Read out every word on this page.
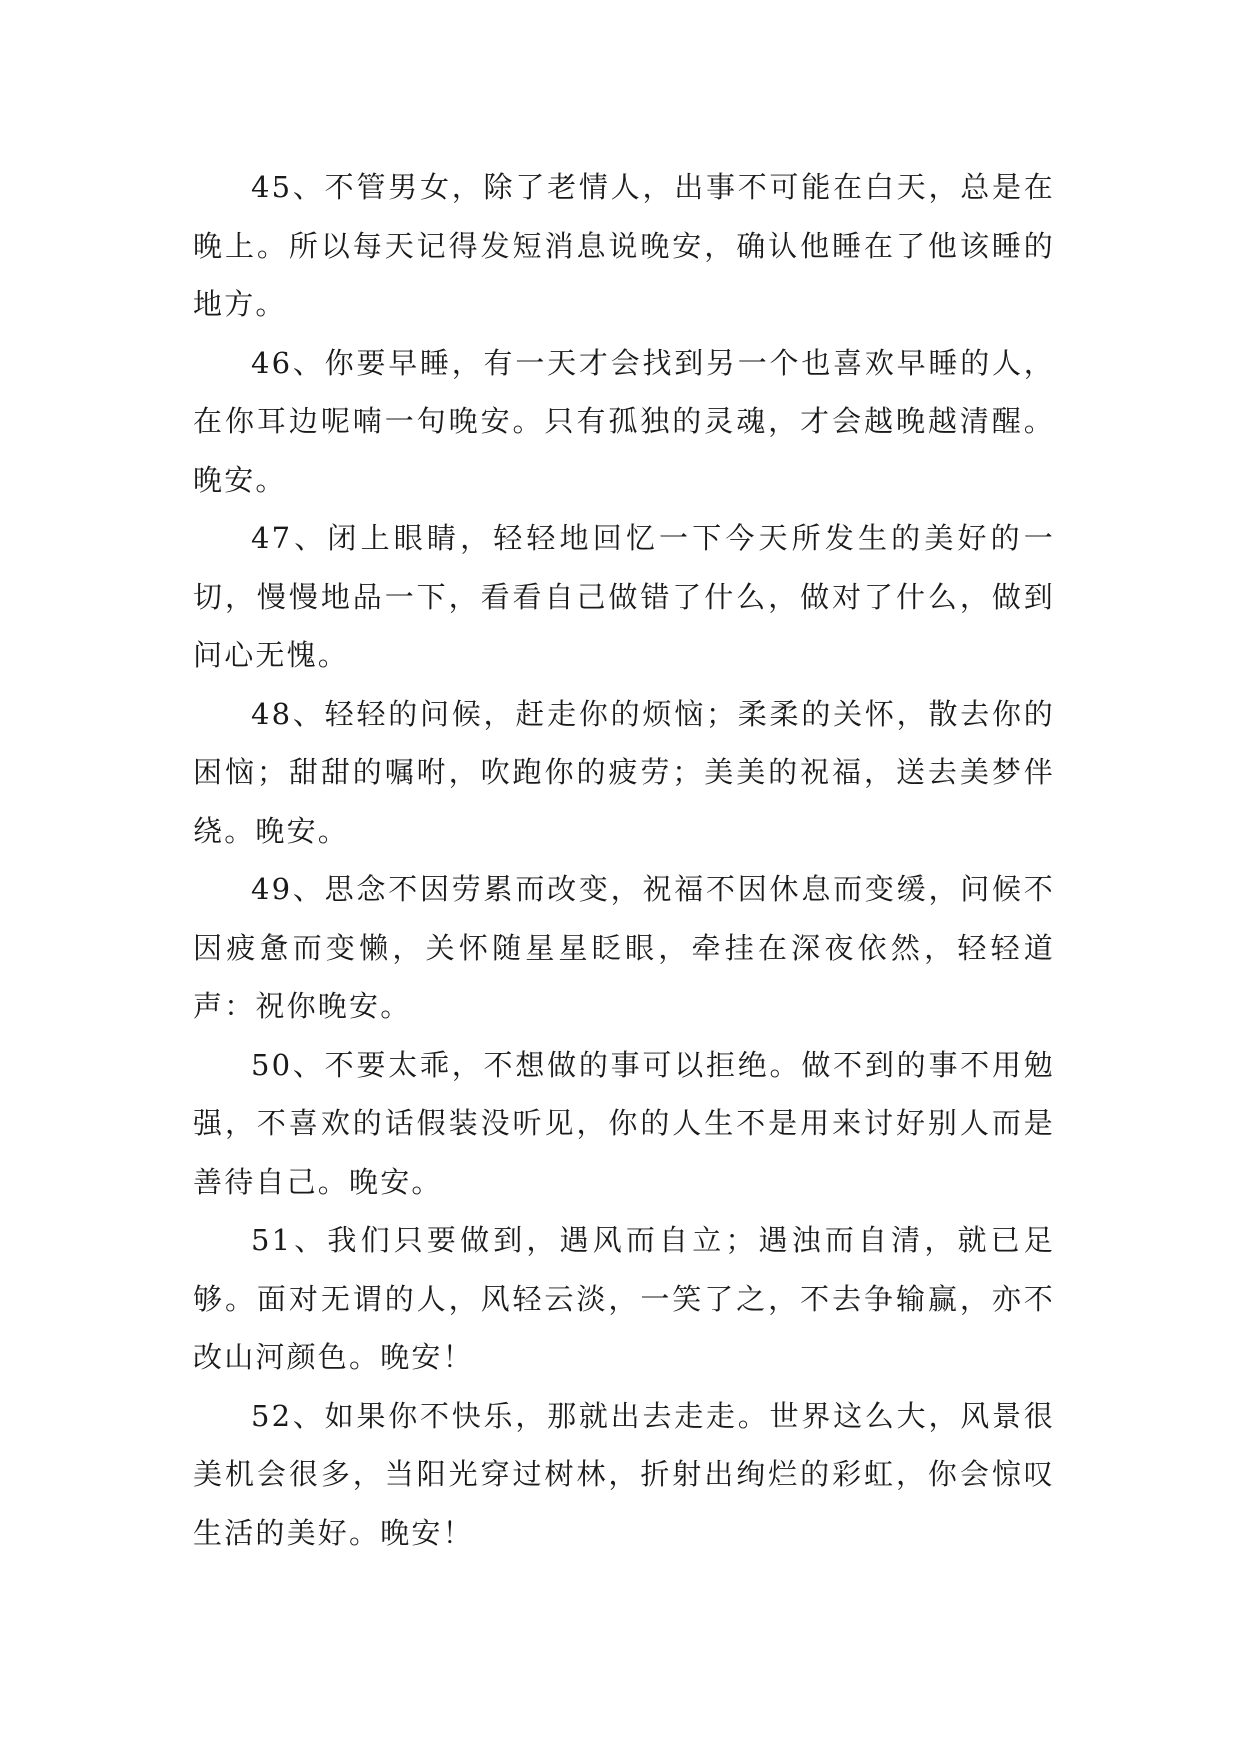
45、不管男女，除了老情人，出事不可能在白天，总是在晚上。所以每天记得发短消息说晚安，确认他睡在了他该睡的地方。

46、你要早睡，有一天才会找到另一个也喜欢早睡的人，在你耳边呢喃一句晚安。只有孤独的灵魂，才会越晚越清醒。晚安。

47、闭上眼睛，轻轻地回忆一下今天所发生的美好的一切，慢慢地品一下，看看自己做错了什么，做对了什么，做到问心无愧。

48、轻轻的问候，赶走你的烦恼；柔柔的关怀，散去你的困恼；甜甜的嘱咐，吹跑你的疲劳；美美的祝福，送去美梦伴绕。晚安。

49、思念不因劳累而改变，祝福不因休息而变缓，问候不因疲惫而变懒，关怀随星星眨眼，牵挂在深夜依然，轻轻道声：祝你晚安。

50、不要太乖，不想做的事可以拒绝。做不到的事不用勉强，不喜欢的话假装没听见，你的人生不是用来讨好别人而是善待自己。晚安。

51、我们只要做到，遇风而自立；遇浊而自清，就已足够。面对无谓的人，风轻云淡，一笑了之，不去争输赢，亦不改山河颜色。晚安！

52、如果你不快乐，那就出去走走。世界这么大，风景很美机会很多，当阳光穿过树林，折射出绚烂的彩虹，你会惊叹生活的美好。晚安！
